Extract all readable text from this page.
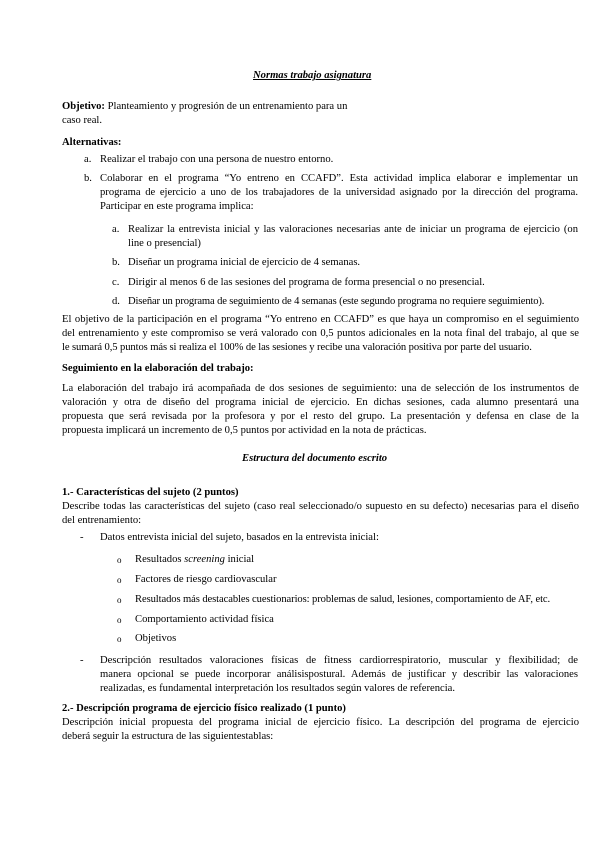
Normas trabajo asignatura
Objetivo: Planteamiento y progresión de un entrenamiento para un
caso real.
Alternativas:
a. Realizar el trabajo con una persona de nuestro entorno.
b. Colaborar en el programa “Yo entreno en CCAFD”. Esta actividad implica elaborar e implementar un
programa de ejercicio a uno de los trabajadores de la universidad asignado por la dirección del programa.
Participar en este programa implica:
a. Realizar la entrevista inicial y las valoraciones necesarias ante de iniciar un programa de ejercicio (on
line o presencial)
b. Diseñar un programa inicial de ejercicio de 4 semanas.
c. Dirigir al menos 6 de las sesiones del programa de forma presencial o no presencial.
d. Diseñar un programa de seguimiento de 4 semanas (este segundo programa no requiere seguimiento).
El objetivo de la participación en el programa “Yo entreno en CCAFD” es que haya un compromiso en el seguimiento
del entrenamiento y este compromiso se verá valorado con 0,5 puntos adicionales en la nota final del trabajo, al que se
le sumará 0,5 puntos más si realiza el 100% de las sesiones y recibe una valoración positiva por parte del usuario.
Seguimiento en la elaboración del trabajo:
La elaboración del trabajo irá acompañada de dos sesiones de seguimiento: una de selección de los instrumentos de
valoración y otra de diseño del programa inicial de ejercicio. En dichas sesiones, cada alumno presentará una
propuesta que será revisada por la profesora y por el resto del grupo. La presentación y defensa en clase de la
propuesta implicará un incremento de 0,5 puntos por actividad en la nota de prácticas.
Estructura del documento escrito
1.- Características del sujeto (2 puntos)
Describe todas las características del sujeto (caso real seleccionado/o supuesto en su defecto) necesarias para el diseño
del entrenamiento:
- Datos entrevista inicial del sujeto, basados en la entrevista inicial:
o Resultados screening inicial
o Factores de riesgo cardiovascular
o Resultados más destacables cuestionarios: problemas de salud, lesiones, comportamiento de AF, etc.
o Comportamiento actividad física
o Objetivos
- Descripción resultados valoraciones físicas de fitness cardiorrespiratorio, muscular y flexibilidad; de
manera opcional se puede incorporar análisispostural. Además de justificar y describir las valoraciones
realizadas, es fundamental interpretación los resultados según valores de referencia.
2.- Descripción programa de ejercicio físico realizado (1 punto)
Descripción inicial propuesta del programa inicial de ejercicio físico. La descripción del programa de ejercicio
deberá seguir la estructura de las siguientestablas:
